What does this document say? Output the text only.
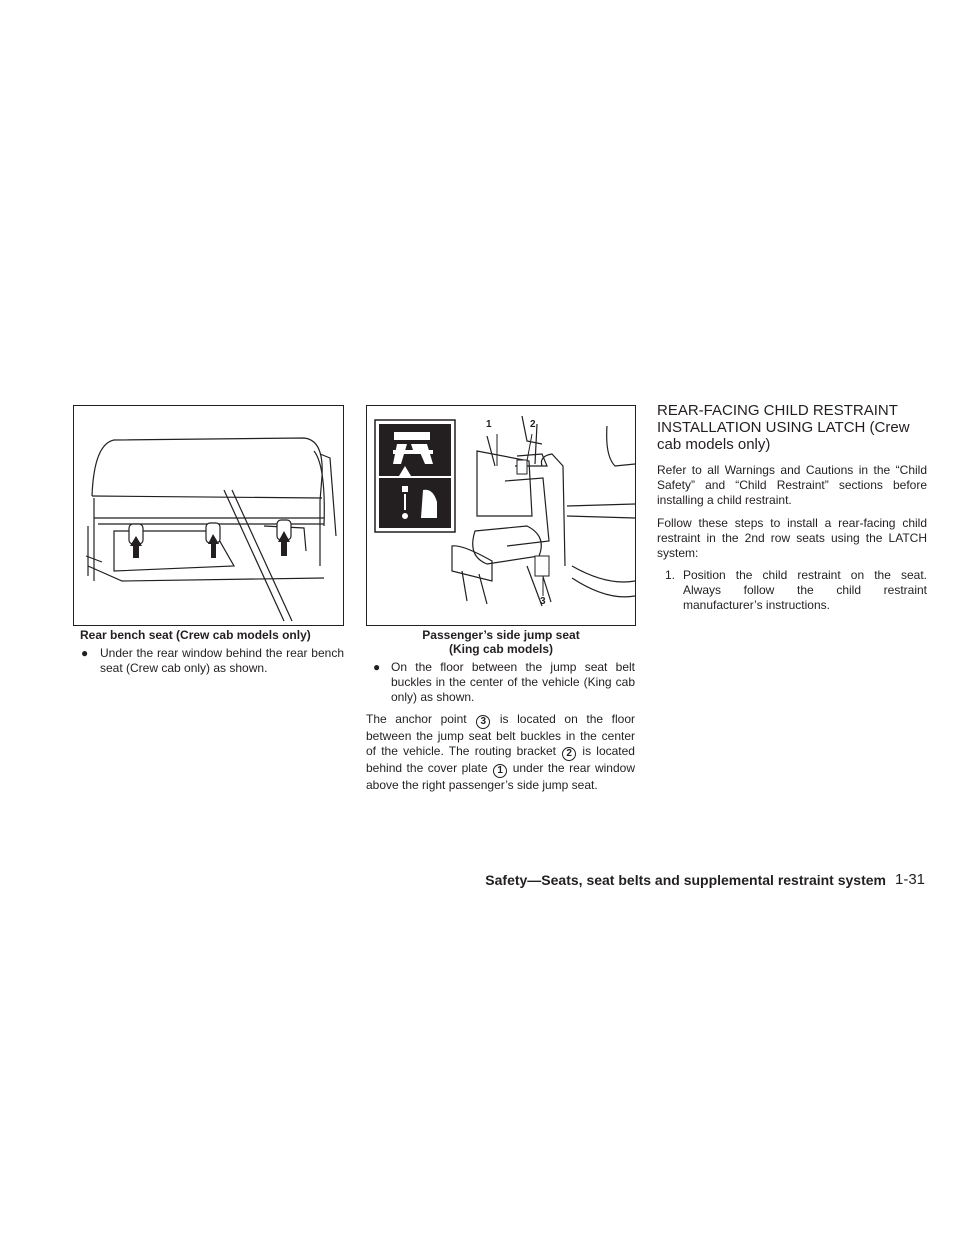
Rear bench seat (Crew cab models only)
● Under the rear window behind the rear bench seat (Crew cab only) as shown.
1	2
3
Passenger’s side jump seat
(King cab models)
● On the floor between the jump seat belt buckles in the center of the vehicle (King cab only) as shown.
The anchor point 3 is located on the floor between the jump seat belt buckles in the center of the vehicle. The routing bracket 2 is located behind the cover plate 1 under the rear window above the right passenger’s side jump seat.
REAR-FACING CHILD RESTRAINT
INSTALLATION USING LATCH (Crew
cab models only)
Refer to all Warnings and Cautions in the “Child Safety” and “Child Restraint” sections before installing a child restraint.
Follow these steps to install a rear-facing child restraint in the 2nd row seats using the LATCH system:
1. Position the child restraint on the seat. Always follow the child restraint manufacturer’s instructions.
Safety—Seats, seat belts and supplemental restraint system 1-31
